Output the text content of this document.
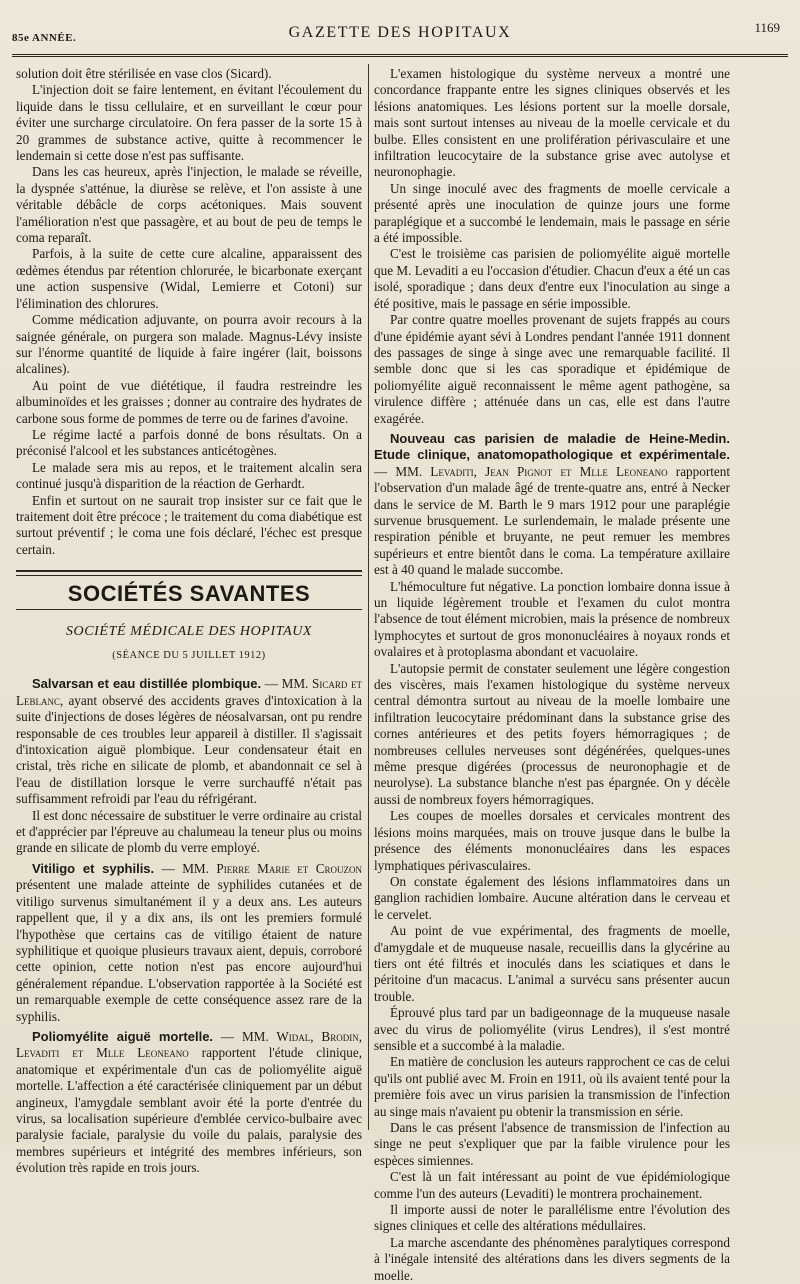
85e ANNÉE.	GAZETTE DES HOPITAUX	1169

solution doit être stérilisée en vase clos (Sicard).

L'injection doit se faire lentement, en évitant l'écoulement du liquide dans le tissu cellulaire, et en surveillant le cœur pour éviter une surcharge circulatoire. On fera passer de la sorte 15 à 20 grammes de substance active, quitte à recommencer le lendemain si cette dose n'est pas suffisante.

Dans les cas heureux, après l'injection, le malade se réveille, la dyspnée s'atténue, la diurèse se relève, et l'on assiste à une véritable débâcle de corps acétoniques. Mais souvent l'amélioration n'est que passagère, et au bout de peu de temps le coma reparaît.

Parfois, à la suite de cette cure alcaline, apparaissent des œdèmes étendus par rétention chlorurée, le bicarbonate exerçant une action suspensive (Widal, Lemierre et Cotoni) sur l'élimination des chlorures.

Comme médication adjuvante, on pourra avoir recours à la saignée générale, on purgera son malade. Magnus-Lévy insiste sur l'énorme quantité de liquide à faire ingérer (lait, boissons alcalines).

Au point de vue diététique, il faudra restreindre les albuminoïdes et les graisses ; donner au contraire des hydrates de carbone sous forme de pommes de terre ou de farines d'avoine.

Le régime lacté a parfois donné de bons résultats. On a préconisé l'alcool et les substances anticétogènes.

Le malade sera mis au repos, et le traitement alcalin sera continué jusqu'à disparition de la réaction de Gerhardt.

Enfin et surtout on ne saurait trop insister sur ce fait que le traitement doit être précoce ; le traitement du coma diabétique est surtout préventif ; le coma une fois déclaré, l'échec est presque certain.

SOCIÉTÉS SAVANTES
SOCIÉTÉ MÉDICALE DES HOPITAUX
(SÉANCE DU 5 JUILLET 1912)

Salvarsan et eau distillée plombique. — MM. Sicard et Leblanc, ayant observé des accidents graves d'intoxication à la suite d'injections de doses légères de néosalvarsan, ont pu rendre responsable de ces troubles leur appareil à distiller. Il s'agissait d'intoxication aiguë plombique. Leur condensateur était en cristal, très riche en silicate de plomb, et abandonnait ce sel à l'eau de distillation lorsque le verre surchauffé n'était pas suffisamment refroidi par l'eau du réfrigérant.

Il est donc nécessaire de substituer le verre ordinaire au cristal et d'apprécier par l'épreuve au chalumeau la teneur plus ou moins grande en silicate de plomb du verre employé.

Vitiligo et syphilis. — MM. Pierre Marie et Crouzon présentent une malade atteinte de syphilides cutanées et de vitiligo survenus simultanément il y a deux ans. Les auteurs rappellent que, il y a dix ans, ils ont les premiers formulé l'hypothèse que certains cas de vitiligo étaient de nature syphilitique et quoique plusieurs travaux aient, depuis, corroboré cette opinion, cette notion n'est pas encore aujourd'hui généralement répandue. L'observation rapportée à la Société est un remarquable exemple de cette conséquence assez rare de la syphilis.

Poliomyélite aiguë mortelle. — MM. Widal, Brodin, Levaditi et Mlle Leoneano rapportent l'étude clinique, anatomique et expérimentale d'un cas de poliomyélite aiguë mortelle. L'affection a été caractérisée cliniquement par un début angineux, l'amygdale semblant avoir été la porte d'entrée du virus, sa localisation supérieure d'emblée cervico-bulbaire avec paralysie faciale, paralysie du voile du palais, paralysie des membres supérieurs et intégrité des membres inférieurs, son évolution très rapide en trois jours.

L'examen histologique du système nerveux a montré une concordance frappante entre les signes cliniques observés et les lésions anatomiques. Les lésions portent sur la moelle dorsale, mais sont surtout intenses au niveau de la moelle cervicale et du bulbe. Elles consistent en une prolifération périvasculaire et une infiltration leucocytaire de la substance grise avec autolyse et neuronophagie.

Un singe inoculé avec des fragments de moelle cervicale a présenté après une inoculation de quinze jours une forme paraplégique et a succombé le lendemain, mais le passage en série a été impossible.

C'est le troisième cas parisien de poliomyélite aiguë mortelle que M. Levaditi a eu l'occasion d'étudier. Chacun d'eux a été un cas isolé, sporadique ; dans deux d'entre eux l'inoculation au singe a été positive, mais le passage en série impossible.

Par contre quatre moelles provenant de sujets frappés au cours d'une épidémie ayant sévi à Londres pendant l'année 1911 donnent des passages de singe à singe avec une remarquable facilité. Il semble donc que si les cas sporadique et épidémique de poliomyélite aiguë reconnaissent le même agent pathogène, sa virulence diffère ; atténuée dans un cas, elle est dans l'autre exagérée.

Nouveau cas parisien de maladie de Heine-Medin. Etude clinique, anatomopathologique et expérimentale. — MM. Levaditi, Jean Pignot et Mlle Leoneano rapportent l'observation d'un malade âgé de trente-quatre ans, entré à Necker dans le service de M. Barth le 9 mars 1912 pour une paraplégie survenue brusquement. Le surlendemain, le malade présente une respiration pénible et bruyante, ne peut remuer les membres supérieurs et entre bientôt dans le coma. La température axillaire est à 40 quand le malade succombe.

L'hémoculture fut négative. La ponction lombaire donna issue à un liquide légèrement trouble et l'examen du culot montra l'absence de tout élément microbien, mais la présence de nombreux lymphocytes et surtout de gros mononucléaires à noyaux ronds et ovalaires et à protoplasma abondant et vacuolaire.

L'autopsie permit de constater seulement une légère congestion des viscères, mais l'examen histologique du système nerveux central démontra surtout au niveau de la moelle lombaire une infiltration leucocytaire prédominant dans la substance grise des cornes antérieures et des petits foyers hémorragiques ; de nombreuses cellules nerveuses sont dégénérées, quelques-unes même presque digérées (processus de neuronophagie et de neurolyse). La substance blanche n'est pas épargnée. On y décèle aussi de nombreux foyers hémorragiques.

Les coupes de moelles dorsales et cervicales montrent des lésions moins marquées, mais on trouve jusque dans le bulbe la présence des éléments mononucléaires dans les espaces lymphatiques périvasculaires.

On constate également des lésions inflammatoires dans un ganglion rachidien lombaire. Aucune altération dans le cerveau et le cervelet.

Au point de vue expérimental, des fragments de moelle, d'amygdale et de muqueuse nasale, recueillis dans la glycérine au tiers ont été filtrés et inoculés dans les sciatiques et dans le péritoine d'un macacus. L'animal a survécu sans présenter aucun trouble.

Éprouvé plus tard par un badigeonnage de la muqueuse nasale avec du virus de poliomyélite (virus Lendres), il s'est montré sensible et a succombé à la maladie.

En matière de conclusion les auteurs rapprochent ce cas de celui qu'ils ont publié avec M. Froin en 1911, où ils avaient tenté pour la première fois avec un virus parisien la transmission de l'infection au singe mais n'avaient pu obtenir la transmission en série.

Dans le cas présent l'absence de transmission de l'infection au singe ne peut s'expliquer que par la faible virulence pour les espèces simiennes.

C'est là un fait intéressant au point de vue épidémiologique comme l'un des auteurs (Levaditi) le montrera prochainement.

Il importe aussi de noter le parallélisme entre l'évolution des signes cliniques et celle des altérations médullaires.

La marche ascendante des phénomènes paralytiques correspond à l'inégale intensité des altérations dans les divers segments de la moelle.
